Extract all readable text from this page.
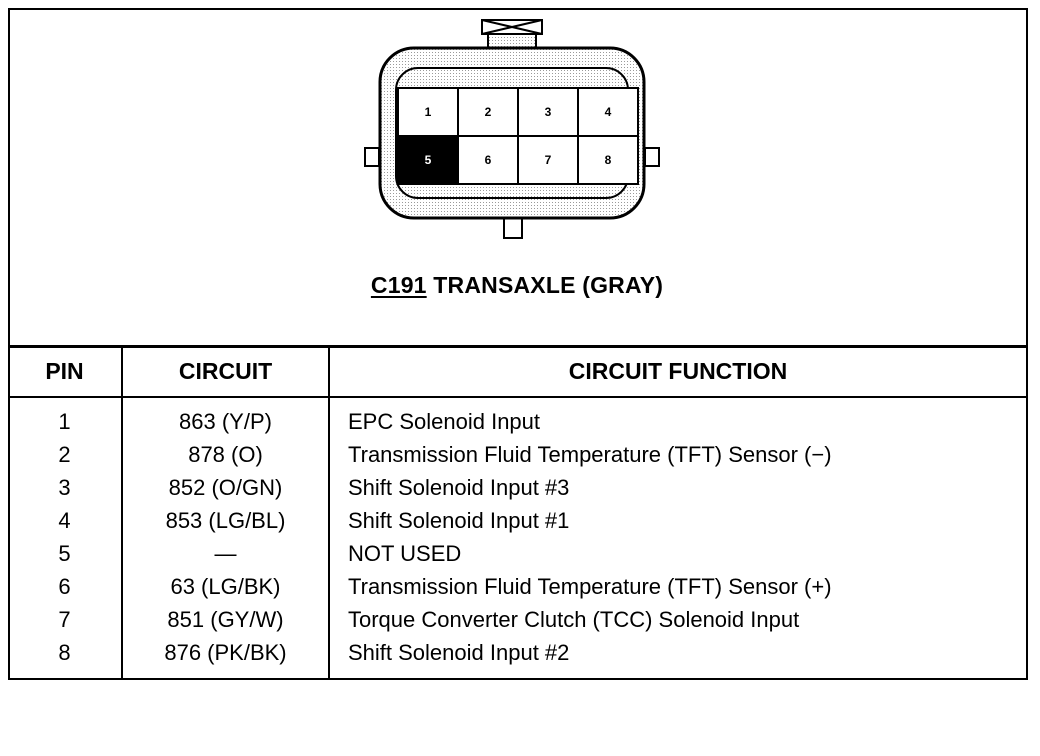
1	2	3	4
5	6	7	8
C191 TRANSAXLE (GRAY)
PIN	CIRCUIT	CIRCUIT FUNCTION
1	863 (Y/P)	EPC Solenoid Input
2	878 (O)	Transmission Fluid Temperature (TFT) Sensor (−)
3	852 (O/GN)	Shift Solenoid Input #3
4	853 (LG/BL)	Shift Solenoid Input #1
5	—	NOT USED
6	63 (LG/BK)	Transmission Fluid Temperature (TFT) Sensor (+)
7	851 (GY/W)	Torque Converter Clutch (TCC) Solenoid Input
8	876 (PK/BK)	Shift Solenoid Input #2
